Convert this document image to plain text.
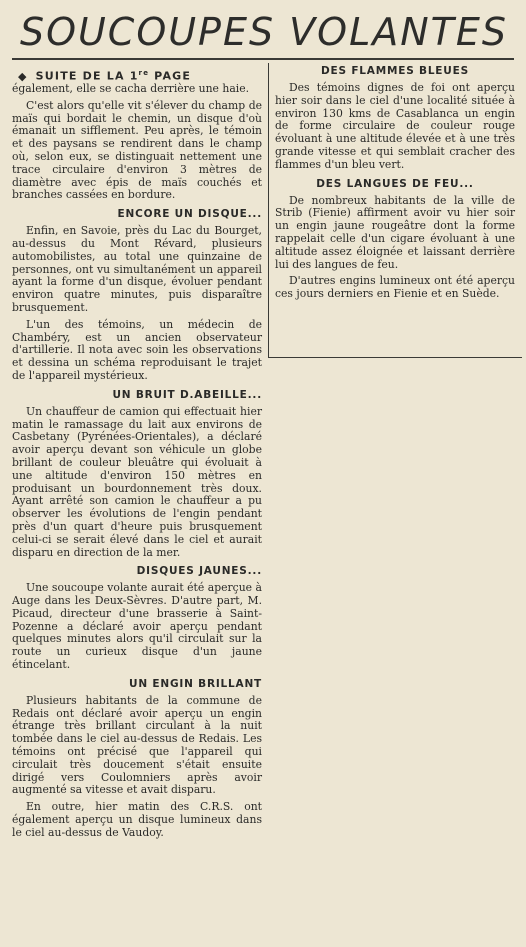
SOUCOUPES VOLANTES
◆ SUITE DE LA 1re PAGE

également, elle se cacha derrière une haie.

C'est alors qu'elle vit s'élever du champ de maïs qui bordait le chemin, un disque d'où émanait un sifflement. Peu après, le témoin et des paysans se rendirent dans le champ où, selon eux, se distinguait nettement une trace circulaire d'environ 3 mètres de diamètre avec épis de maïs couchés et branches cassées en bordure.

ENCORE UN DISQUE...

Enfin, en Savoie, près du Lac du Bourget, au-dessus du Mont Révard, plusieurs automobilistes, au total une quinzaine de personnes, ont vu simultanément un appareil ayant la forme d'un disque, évoluer pendant environ quatre minutes, puis disparaître brusquement.

L'un des témoins, un médecin de Chambéry, est un ancien observateur d'artillerie. Il nota avec soin les observations et dessina un schéma reproduisant le trajet de l'appareil mystérieux.

UN BRUIT D.ABEILLE...

Un chauffeur de camion qui effectuait hier matin le ramassage du lait aux environs de Casbetany (Pyrénées-Orientales), a déclaré avoir aperçu devant son véhicule un globe brillant de couleur bleuâtre qui évoluait à une altitude d'environ 150 mètres en produisant un bourdonnement très doux. Ayant arrêté son camion le chauffeur a pu observer les évolutions de l'engin pendant près d'un quart d'heure puis brusquement celui-ci se serait élevé dans le ciel et aurait disparu en direction de la mer.

DISQUES JAUNES...

Une soucoupe volante aurait été aperçue à Auge dans les Deux-Sèvres. D'autre part, M. Picaud, directeur d'une brasserie à Saint-Pozenne a déclaré avoir aperçu pendant quelques minutes alors qu'il circulait sur la route un curieux disque d'un jaune étincelant.

UN ENGIN BRILLANT

Plusieurs habitants de la commune de Redais ont déclaré avoir aperçu un engin étrange très brillant circulant à la nuit tombée dans le ciel au-dessus de Redais. Les témoins ont précisé que l'appareil qui circulait très doucement s'était ensuite dirigé vers Coulomniers après avoir augmenté sa vitesse et avait disparu.

En outre, hier matin des C.R.S. ont également aperçu un disque lumineux dans le ciel au-dessus de Vaudoy.

DES FLAMMES BLEUES

Des témoins dignes de foi ont aperçu hier soir dans le ciel d'une localité située à environ 130 kms de Casablanca un engin de forme circulaire de couleur rouge évoluant à une altitude élevée et à une très grande vitesse et qui semblait cracher des flammes d'un bleu vert.

DES LANGUES DE FEU...

De nombreux habitants de la ville de Strib (Fienie) affirment avoir vu hier soir un engin jaune rougeâtre dont la forme rappelait celle d'un cigare évoluant à une altitude assez éloignée et laissant derrière lui des langues de feu.

D'autres engins lumineux ont été aperçu ces jours derniers en Fienie et en Suède.
